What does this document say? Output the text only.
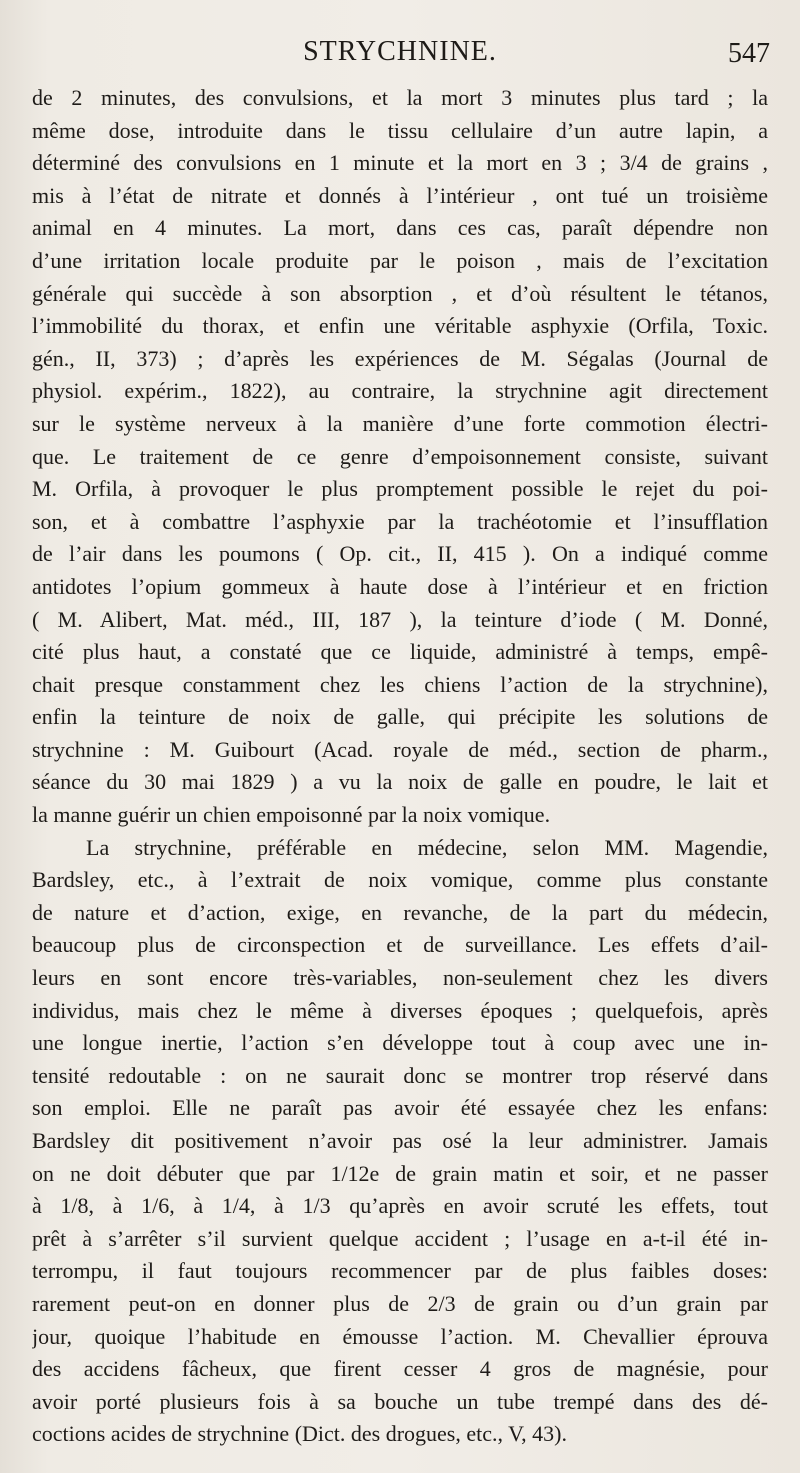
STRYCHNINE.	547
de 2 minutes, des convulsions, et la mort 3 minutes plus tard ; la
même dose, introduite dans le tissu cellulaire d’un autre lapin, a
déterminé des convulsions en 1 minute et la mort en 3 ; 3/4 de grains ,
mis à l’état de nitrate et donnés à l’intérieur , ont tué un troisième
animal en 4 minutes. La mort, dans ces cas, paraît dépendre non
d’une irritation locale produite par le poison , mais de l’excitation
générale qui succède à son absorption , et d’où résultent le tétanos,
l’immobilité du thorax, et enfin une véritable asphyxie (Orfila, Toxic.
gén., II, 373) ; d’après les expériences de M. Ségalas (Journal de
physiol. expérim., 1822), au contraire, la strychnine agit directement
sur le système nerveux à la manière d’une forte commotion électri-
que. Le traitement de ce genre d’empoisonnement consiste, suivant
M. Orfila, à provoquer le plus promptement possible le rejet du poi-
son, et à combattre l’asphyxie par la trachéotomie et l’insufflation
de l’air dans les poumons ( Op. cit., II, 415 ). On a indiqué comme
antidotes l’opium gommeux à haute dose à l’intérieur et en friction
( M. Alibert, Mat. méd., III, 187 ), la teinture d’iode ( M. Donné,
cité plus haut, a constaté que ce liquide, administré à temps, empê-
chait presque constamment chez les chiens l’action de la strychnine),
enfin la teinture de noix de galle, qui précipite les solutions de
strychnine : M. Guibourt (Acad. royale de méd., section de pharm.,
séance du 30 mai 1829 ) a vu la noix de galle en poudre, le lait et
la manne guérir un chien empoisonné par la noix vomique.
La strychnine, préférable en médecine, selon MM. Magendie,
Bardsley, etc., à l’extrait de noix vomique, comme plus constante
de nature et d’action, exige, en revanche, de la part du médecin,
beaucoup plus de circonspection et de surveillance. Les effets d’ail-
leurs en sont encore très-variables, non-seulement chez les divers
individus, mais chez le même à diverses époques ; quelquefois, après
une longue inertie, l’action s’en développe tout à coup avec une in-
tensité redoutable : on ne saurait donc se montrer trop réservé dans
son emploi. Elle ne paraît pas avoir été essayée chez les enfans:
Bardsley dit positivement n’avoir pas osé la leur administrer. Jamais
on ne doit débuter que par 1/12e de grain matin et soir, et ne passer
à 1/8, à 1/6, à 1/4, à 1/3 qu’après en avoir scruté les effets, tout
prêt à s’arrêter s’il survient quelque accident ; l’usage en a-t-il été in-
terrompu, il faut toujours recommencer par de plus faibles doses:
rarement peut-on en donner plus de 2/3 de grain ou d’un grain par
jour, quoique l’habitude en émousse l’action. M. Chevallier éprouva
des accidens fâcheux, que firent cesser 4 gros de magnésie, pour
avoir porté plusieurs fois à sa bouche un tube trempé dans des dé-
coctions acides de strychnine (Dict. des drogues, etc., V, 43).
